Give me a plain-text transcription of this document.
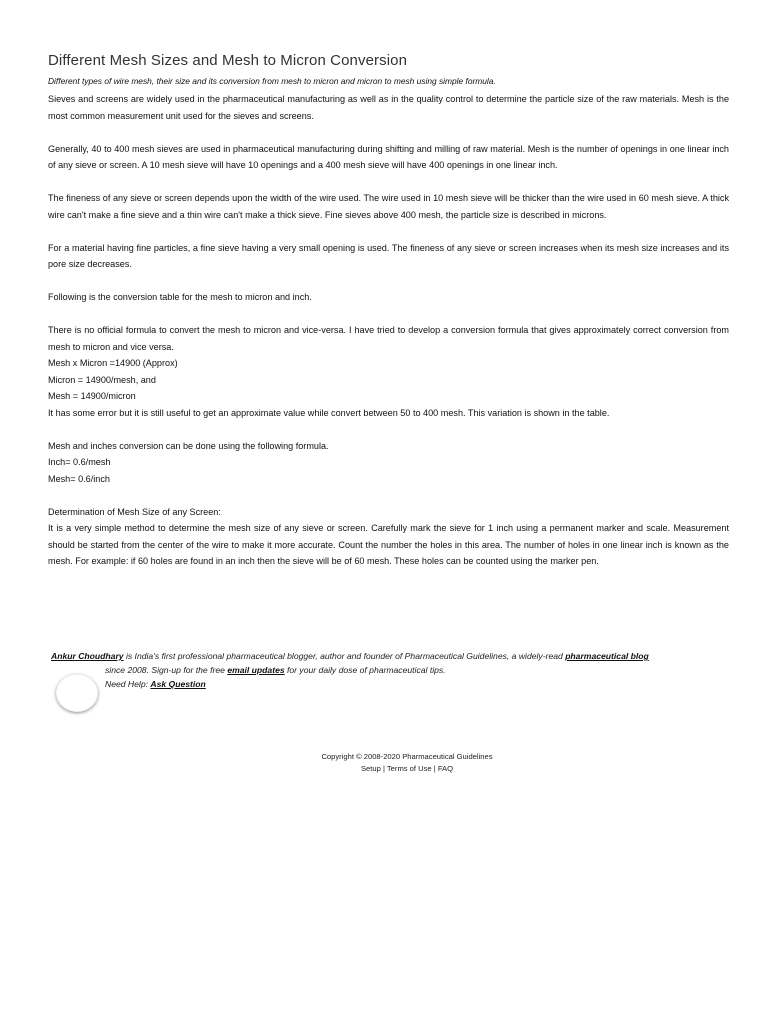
Different Mesh Sizes and Mesh to Micron Conversion
Different types of wire mesh, their size and its conversion from mesh to micron and micron to mesh using simple formula.

Sieves and screens are widely used in the pharmaceutical manufacturing as well as in the quality control to determine the particle size of the raw materials. Mesh is the most common measurement unit used for the sieves and screens.

Generally, 40 to 400 mesh sieves are used in pharmaceutical manufacturing during shifting and milling of raw material. Mesh is the number of openings in one linear inch of any sieve or screen. A 10 mesh sieve will have 10 openings and a 400 mesh sieve will have 400 openings in one linear inch.

The fineness of any sieve or screen depends upon the width of the wire used. The wire used in 10 mesh sieve will be thicker than the wire used in 60 mesh sieve. A thick wire can't make a fine sieve and a thin wire can't make a thick sieve. Fine sieves above 400 mesh, the particle size is described in microns.

For a material having fine particles, a fine sieve having a very small opening is used. The fineness of any sieve or screen increases when its mesh size increases and its pore size decreases.

Following is the conversion table for the mesh to micron and inch.

There is no official formula to convert the mesh to micron and vice-versa. I have tried to develop a conversion formula that gives approximately correct conversion from mesh to micron and vice versa.

Mesh x Micron =14900 (Approx)
Micron = 14900/mesh, and
Mesh = 14900/micron

It has some error but it is still useful to get an approximate value while convert between 50 to 400 mesh. This variation is shown in the table.

Mesh and inches conversion can be done using the following formula.
Inch= 0.6/mesh
Mesh= 0.6/inch
Determination of Mesh Size of any Screen:

It is a very simple method to determine the mesh size of any sieve or screen. Carefully mark the sieve for 1 inch using a permanent marker and scale. Measurement should be started from the center of the wire to make it more accurate. Count the number the holes in this area. The number of holes in one linear inch is known as the mesh. For example: if 60 holes are found in an inch then the sieve will be of 60 mesh. These holes can be counted using the marker pen.

Ankur Choudhary is India's first professional pharmaceutical blogger, author and founder of Pharmaceutical Guidelines, a widely-read pharmaceutical blog
since 2008. Sign-up for the free email updates for your daily dose of pharmaceutical tips.
Need Help: Ask Question
Copyright © 2008-2020 Pharmaceutical Guidelines
Setup | Terms of Use | FAQ
